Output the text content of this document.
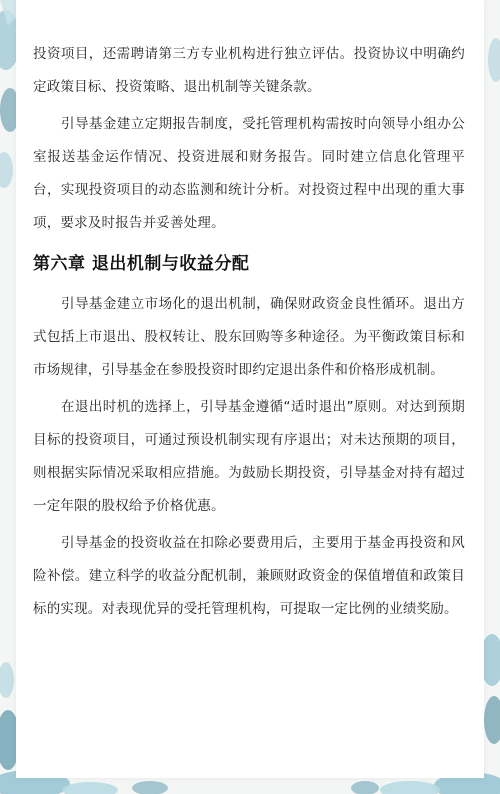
投资项目，还需聘请第三方专业机构进行独立评估。投资协议中明确约定政策目标、投资策略、退出机制等关键条款。

引导基金建立定期报告制度，受托管理机构需按时向领导小组办公室报送基金运作情况、投资进展和财务报告。同时建立信息化管理平台，实现投资项目的动态监测和统计分析。对投资过程中出现的重大事项，要求及时报告并妥善处理。

第六章 退出机制与收益分配

引导基金建立市场化的退出机制，确保财政资金良性循环。退出方式包括上市退出、股权转让、股东回购等多种途径。为平衡政策目标和市场规律，引导基金在参股投资时即约定退出条件和价格形成机制。

在退出时机的选择上，引导基金遵循“适时退出”原则。对达到预期目标的投资项目，可通过预设机制实现有序退出；对未达预期的项目，则根据实际情况采取相应措施。为鼓励长期投资，引导基金对持有超过一定年限的股权给予价格优惠。

引导基金的投资收益在扣除必要费用后，主要用于基金再投资和风险补偿。建立科学的收益分配机制，兼顾财政资金的保值增值和政策目标的实现。对表现优异的受托管理机构，可提取一定比例的业绩奖励。
